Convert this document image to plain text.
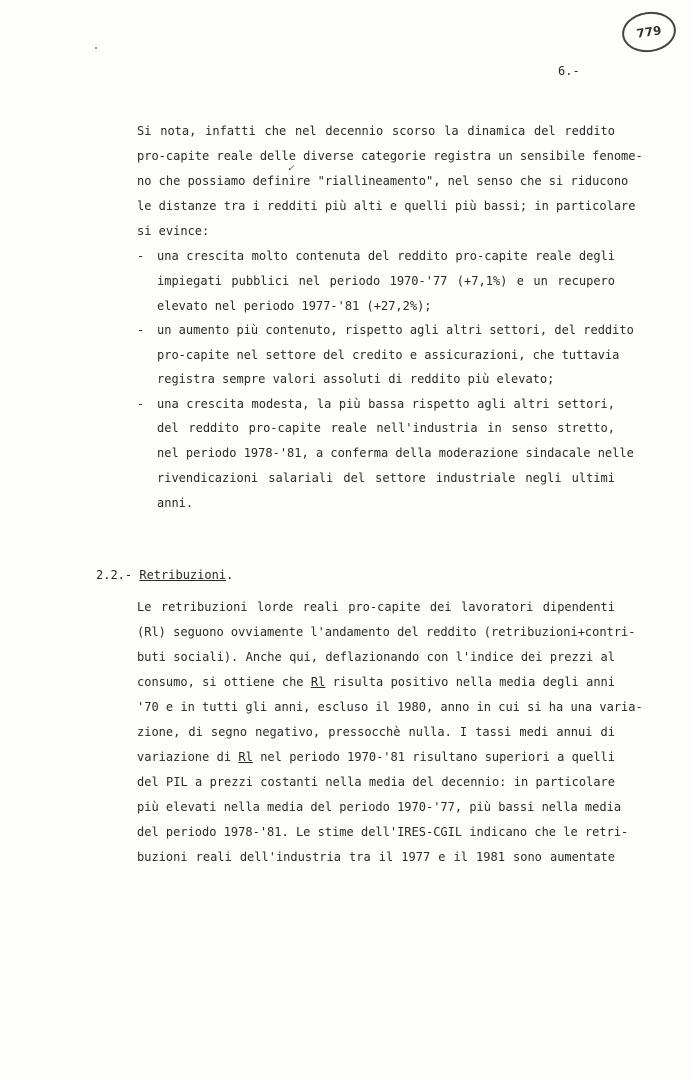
779
6.-
✓
Si nota, infatti che nel decennio scorso la dinamica del reddito
pro-capite reale delle diverse categorie registra un sensibile fenome-
no che possiamo definire "riallineamento", nel senso che si riducono
le distanze tra i redditi più alti e quelli più bassi; in particolare
si evince:
- una crescita molto contenuta del reddito pro-capite reale degli
impiegati pubblici nel periodo 1970-'77 (+7,1%) e un recupero
elevato nel periodo 1977-'81 (+27,2%);
- un aumento più contenuto, rispetto agli altri settori, del reddito
pro-capite nel settore del credito e assicurazioni, che tuttavia
registra sempre valori assoluti di reddito più elevato;
- una crescita modesta, la più bassa rispetto agli altri settori,
del reddito pro-capite reale nell'industria in senso stretto,
nel periodo 1978-'81, a conferma della moderazione sindacale nelle
rivendicazioni salariali del settore industriale negli ultimi
anni.
2.2.- Retribuzioni.
Le retribuzioni lorde reali pro-capite dei lavoratori dipendenti
(Rl) seguono ovviamente l'andamento del reddito (retribuzioni+contri-
buti sociali). Anche qui, deflazionando con l'indice dei prezzi al
consumo, si ottiene che Rl risulta positivo nella media degli anni
'70 e in tutti gli anni, escluso il 1980, anno in cui si ha una varia-
zione, di segno negativo, pressocchè nulla. I tassi medi annui di
variazione di Rl nel periodo 1970-'81 risultano superiori a quelli
del PIL a prezzi costanti nella media del decennio: in particolare
più elevati nella media del periodo 1970-'77, più bassi nella media
del periodo 1978-'81. Le stime dell'IRES-CGIL indicano che le retri-
buzioni reali dell'industria tra il 1977 e il 1981 sono aumentate
